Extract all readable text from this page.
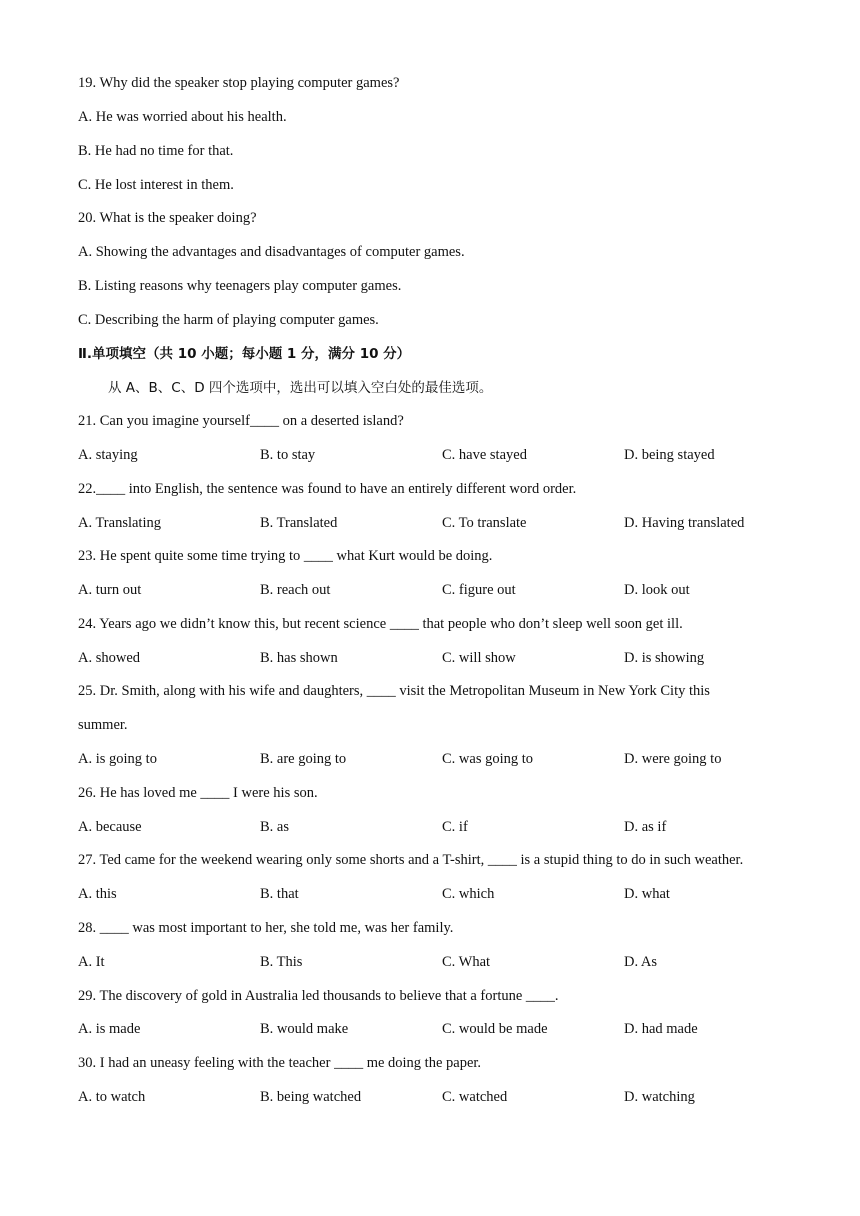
19. Why did the speaker stop playing computer games?
A. He was worried about his health.
B. He had no time for that.
C. He lost interest in them.
20. What is the speaker doing?
A. Showing the advantages and disadvantages of computer games.
B. Listing reasons why teenagers play computer games.
C. Describing the harm of playing computer games.
Ⅱ.单项填空（共 10 小题；每小题 1 分，满分 10 分）
从 A、B、C、D 四个选项中，选出可以填入空白处的最佳选项。
21. Can you imagine yourself____ on a deserted island?
A. staying	B. to stay	C. have stayed	D. being stayed
22.____ into English, the sentence was found to have an entirely different word order.
A. Translating	B. Translated	C. To translate	D. Having translated
23. He spent quite some time trying to ____ what Kurt would be doing.
A. turn out	B. reach out	C. figure out	D. look out
24. Years ago we didn’t know this, but recent science ____ that people who don’t sleep well soon get ill.
A. showed	B. has shown	C. will show	D. is showing
25. Dr. Smith, along with his wife and daughters, ____ visit the Metropolitan Museum in New York City this
summer.
A. is going to	B. are going to	C. was going to	D. were going to
26. He has loved me ____ I were his son.
A. because	B. as	C. if	D. as if
27. Ted came for the weekend wearing only some shorts and a T-shirt, ____ is a stupid thing to do in such weather.
A. this	B. that	C. which	D. what
28. ____ was most important to her, she told me, was her family.
A. It	B. This	C. What	D. As
29. The discovery of gold in Australia led thousands to believe that a fortune ____.
A. is made	B. would make	C. would be made	D. had made
30. I had an uneasy feeling with the teacher ____ me doing the paper.
A. to watch	B. being watched	C. watched	D. watching
